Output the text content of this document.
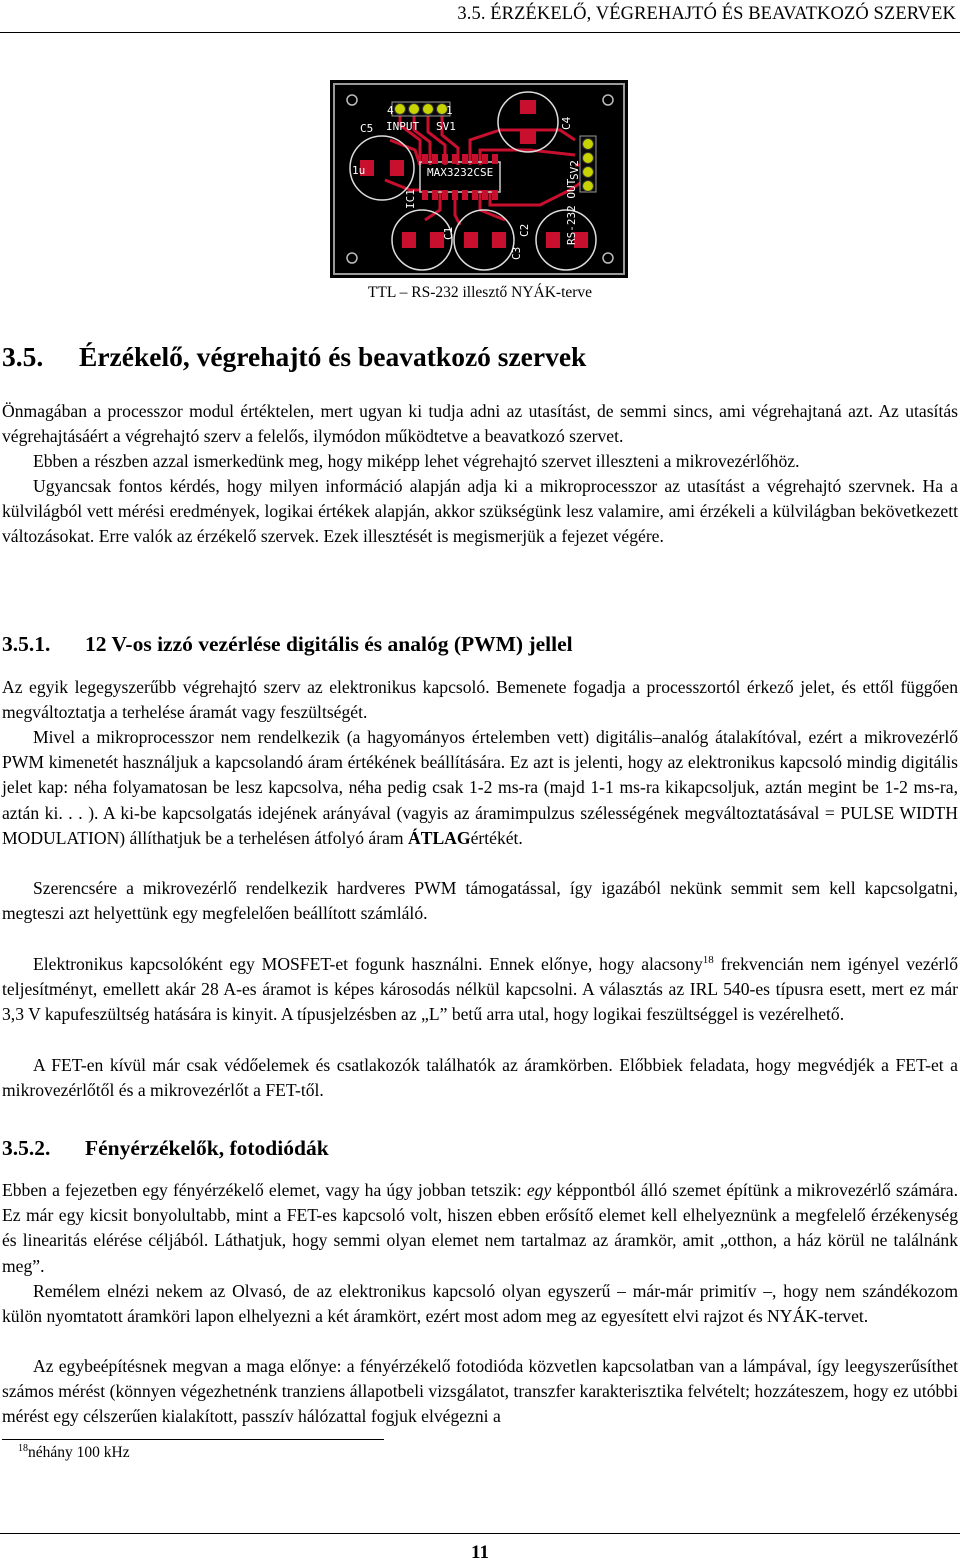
3.5. ÉRZÉKELŐ, VÉGREHAJTÓ ÉS BEAVATKOZÓ SZERVEK
4	1
INPUT SV1
C5
MAX3232CSE
1u
IC1
C4
SV2
RS-232 OUT
C1
C3
C2
TTL – RS-232 illesztő NYÁK-terve
3.5. Érzékelő, végrehajtó és beavatkozó szervek

Önmagában a processzor modul értéktelen, mert ugyan ki tudja adni az utasítást, de semmi sincs, ami végrehajtaná azt. Az utasítás végrehajtásáért a végrehajtó szerv a felelős, ilymódon működtetve a beavatkozó szervet.

Ebben a részben azzal ismerkedünk meg, hogy miképp lehet végrehajtó szervet illeszteni a mikrovezérlőhöz.

Ugyancsak fontos kérdés, hogy milyen információ alapján adja ki a mikroprocesszor az utasítást a végrehajtó szervnek. Ha a külvilágból vett mérési eredmények, logikai értékek alapján, akkor szükségünk lesz valamire, ami érzékeli a külvilágban bekövetkezett változásokat. Erre valók az érzékelő szervek. Ezek illesztését is megismerjük a fejezet végére.

3.5.1. 12 V-os izzó vezérlése digitális és analóg (PWM) jellel

Az egyik legegyszerűbb végrehajtó szerv az elektronikus kapcsoló. Bemenete fogadja a processzortól érkező jelet, és ettől függően megváltoztatja a terhelése áramát vagy feszültségét.

Mivel a mikroprocesszor nem rendelkezik (a hagyományos értelemben vett) digitális–analóg átalakítóval, ezért a mikrovezérlő PWM kimenetét használjuk a kapcsolandó áram értékének beállítására. Ez azt is jelenti, hogy az elektronikus kapcsoló mindig digitális jelet kap: néha folyamatosan be lesz kapcsolva, néha pedig csak 1-2 ms-ra (majd 1-1 ms-ra kikapcsoljuk, aztán megint be 1-2 ms-ra, aztán ki. . . ). A ki-be kapcsolgatás idejének arányával (vagyis az áramimpulzus szélességének megváltoztatásával = PULSE WIDTH MODULATION) állíthatjuk be a terhelésen átfolyó áram ÁTLAGértékét.

Szerencsére a mikrovezérlő rendelkezik hardveres PWM támogatással, így igazából nekünk semmit sem kell kapcsolgatni, megteszi azt helyettünk egy megfelelően beállított számláló.

Elektronikus kapcsolóként egy MOSFET-et fogunk használni. Ennek előnye, hogy alacsony$^{18}$ frekvencián nem igényel vezérlő teljesítményt, emellett akár 28 A-es áramot is képes károsodás nélkül kapcsolni. A választás az IRL 540-es típusra esett, mert ez már 3,3 V kapufeszültség hatására is kinyit. A típusjelzésben az „L” betű arra utal, hogy logikai feszültséggel is vezérelhető.

A FET-en kívül már csak védőelemek és csatlakozók találhatók az áramkörben. Előbbiek feladata, hogy megvédjék a FET-et a mikrovezérlőtől és a mikrovezérlőt a FET-től.

3.5.2. Fényérzékelők, fotodiódák

Ebben a fejezetben egy fényérzékelő elemet, vagy ha úgy jobban tetszik: egy képpontból álló szemet építünk a mikrovezérlő számára. Ez már egy kicsit bonyolultabb, mint a FET-es kapcsoló volt, hiszen ebben erősítő elemet kell elhelyeznünk a megfelelő érzékenység és linearitás elérése céljából. Láthatjuk, hogy semmi olyan elemet nem tartalmaz az áramkör, amit „otthon, a ház körül ne találnánk meg”.

Remélem elnézi nekem az Olvasó, de az elektronikus kapcsoló olyan egyszerű – már-már primitív –, hogy nem szándékozom külön nyomtatott áramköri lapon elhelyezni a két áramkört, ezért most adom meg az egyesített elvi rajzot és NYÁK-tervet.

Az egybeépítésnek megvan a maga előnye: a fényérzékelő fotodióda közvetlen kapcsolatban van a lámpával, így leegyszerűsíthet számos mérést (könnyen végezhetnénk tranziens állapotbeli vizsgálatot, transzfer karakterisztika felvételt; hozzáteszem, hogy ez utóbbi mérést egy célszerűen kialakított, passzív hálózattal fogjuk elvégezni a

$^{18}$néhány 100 kHz
11
